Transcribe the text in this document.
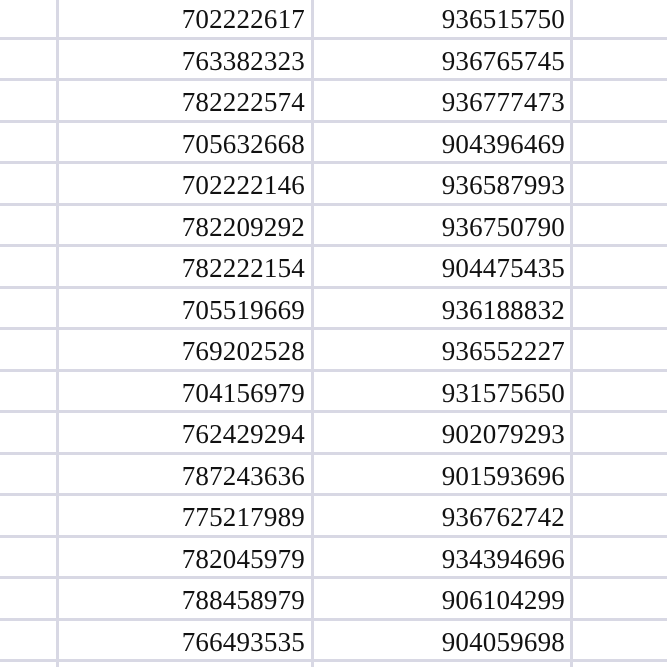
702222617	936515750
763382323	936765745
782222574	936777473
705632668	904396469
702222146	936587993
782209292	936750790
782222154	904475435
705519669	936188832
769202528	936552227
704156979	931575650
762429294	902079293
787243636	901593696
775217989	936762742
782045979	934394696
788458979	906104299
766493535	904059698
